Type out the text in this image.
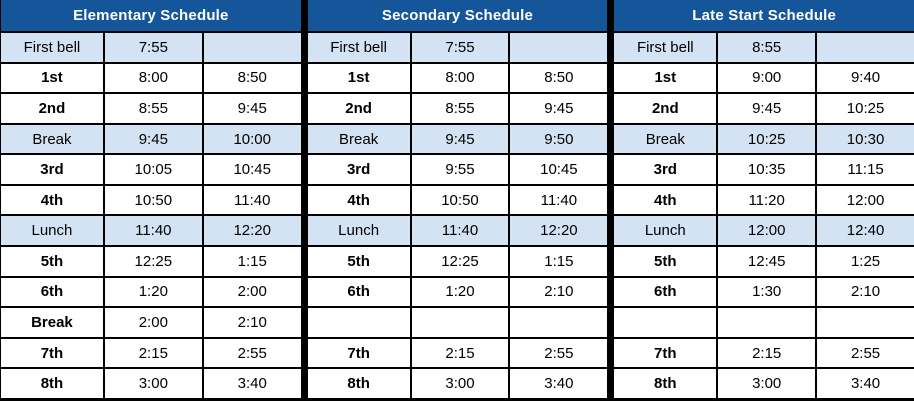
Elementary Schedule
First bell	7:55
1st	8:00	8:50
2nd	8:55	9:45
Break	9:45	10:00
3rd	10:05	10:45
4th	10:50	11:40
Lunch	11:40	12:20
5th	12:25	1:15
6th	1:20	2:00
Break	2:00	2:10
7th	2:15	2:55
8th	3:00	3:40
Secondary Schedule
First bell	7:55
1st	8:00	8:50
2nd	8:55	9:45
Break	9:45	9:50
3rd	9:55	10:45
4th	10:50	11:40
Lunch	11:40	12:20
5th	12:25	1:15
6th	1:20	2:10
7th	2:15	2:55
8th	3:00	3:40
Late Start Schedule
First bell	8:55
1st	9:00	9:40
2nd	9:45	10:25
Break	10:25	10:30
3rd	10:35	11:15
4th	11:20	12:00
Lunch	12:00	12:40
5th	12:45	1:25
6th	1:30	2:10
7th	2:15	2:55
8th	3:00	3:40
